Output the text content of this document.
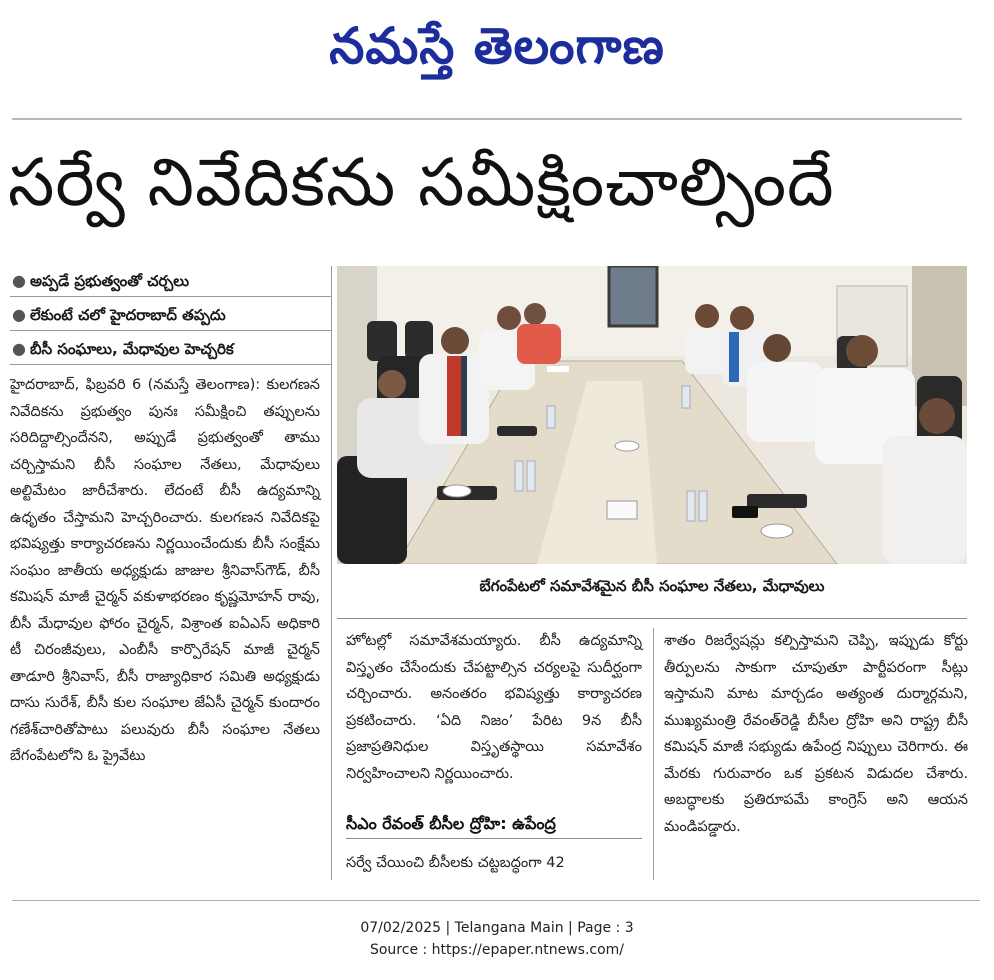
నమస్తే తెలంగాణ
సర్వే నివేదికను సమీక్షించాల్సిందే
● అప్పడే ప్రభుత్వంతో చర్చలు
● లేకుంటే చలో హైదరాబాద్ తప్పదు
● బీసీ సంఘాలు, మేధావుల హెచ్చరిక

హైదరాబాద్, ఫిబ్రవరి 6 (నమస్తే తెలంగాణ): కులగణన నివేదికను ప్రభుత్వం పునః సమీక్షించి తప్పులను సరిదిద్దాల్సిందేనని, అప్పుడే ప్రభుత్వంతో తాము చర్చిస్తామని బీసీ సంఘాల నేతలు, మేధావులు అల్టిమేటం జారీచేశారు. లేదంటే బీసీ ఉద్యమాన్ని ఉధృతం చేస్తామని హెచ్చరించారు. కులగణన నివేదికపై భవిష్యత్తు కార్యాచరణను నిర్ణయించేందుకు బీసీ సంక్షేమ సంఘం జాతీయ అధ్యక్షుడు జాజుల శ్రీనివాస్‌గౌడ్, బీసీ కమిషన్ మాజీ చైర్మన్ వకుళాభరణం కృష్ణమోహన్ రావు, బీసీ మేధావుల ఫోరం చైర్మన్, విశ్రాంత ఐఏఎస్ అధికారి టీ చిరంజీవులు, ఎంబీసీ కార్పొరేషన్ మాజీ చైర్మన్ తాడూరి శ్రీనివాస్, బీసీ రాజ్యాధికార సమితి అధ్యక్షుడు దాసు సురేశ్, బీసీ కుల సంఘాల జేఏసీ చైర్మన్ కుందారం గణేశ్‌చారితోపాటు పలువురు బీసీ సంఘాల నేతలు బేగంపేటలోని ఓ ప్రైవేటు

బేగంపేటలో సమావేశమైన బీసీ సంఘాల నేతలు, మేధావులు

హోటల్లో సమావేశమయ్యారు. బీసీ ఉద్యమాన్ని విస్తృతం చేసేందుకు చేపట్టాల్సిన చర్యలపై సుదీర్ఘంగా చర్చించారు. అనంతరం భవిష్యత్తు కార్యాచరణ ప్రకటించారు. ‘ఏది నిజం’ పేరిట 9న బీసీ ప్రజాప్రతినిధుల విస్తృతస్థాయి సమావేశం నిర్వహించాలని నిర్ణయించారు.

సీఎం రేవంత్ బీసీల ద్రోహి: ఉపేంద్ర
సర్వే చేయించి బీసీలకు చట్టబద్ధంగా 42

శాతం రిజర్వేషన్లు కల్పిస్తామని చెప్పి, ఇప్పుడు కోర్టు తీర్పులను సాకుగా చూపుతూ పార్టీపరంగా సీట్లు ఇస్తామని మాట మార్చడం అత్యంత దుర్మార్గమని, ముఖ్యమంత్రి రేవంత్‌రెడ్డి బీసీల ద్రోహి అని రాష్ట్ర బీసీ కమిషన్ మాజీ సభ్యుడు ఉపేంద్ర నిప్పులు చెరిగారు. ఈ మేరకు గురువారం ఒక ప్రకటన విడుదల చేశారు. అబద్ధాలకు ప్రతిరూపమే కాంగ్రెస్ అని ఆయన మండిపడ్డారు.

07/02/2025 | Telangana Main | Page : 3
Source : https://epaper.ntnews.com/
